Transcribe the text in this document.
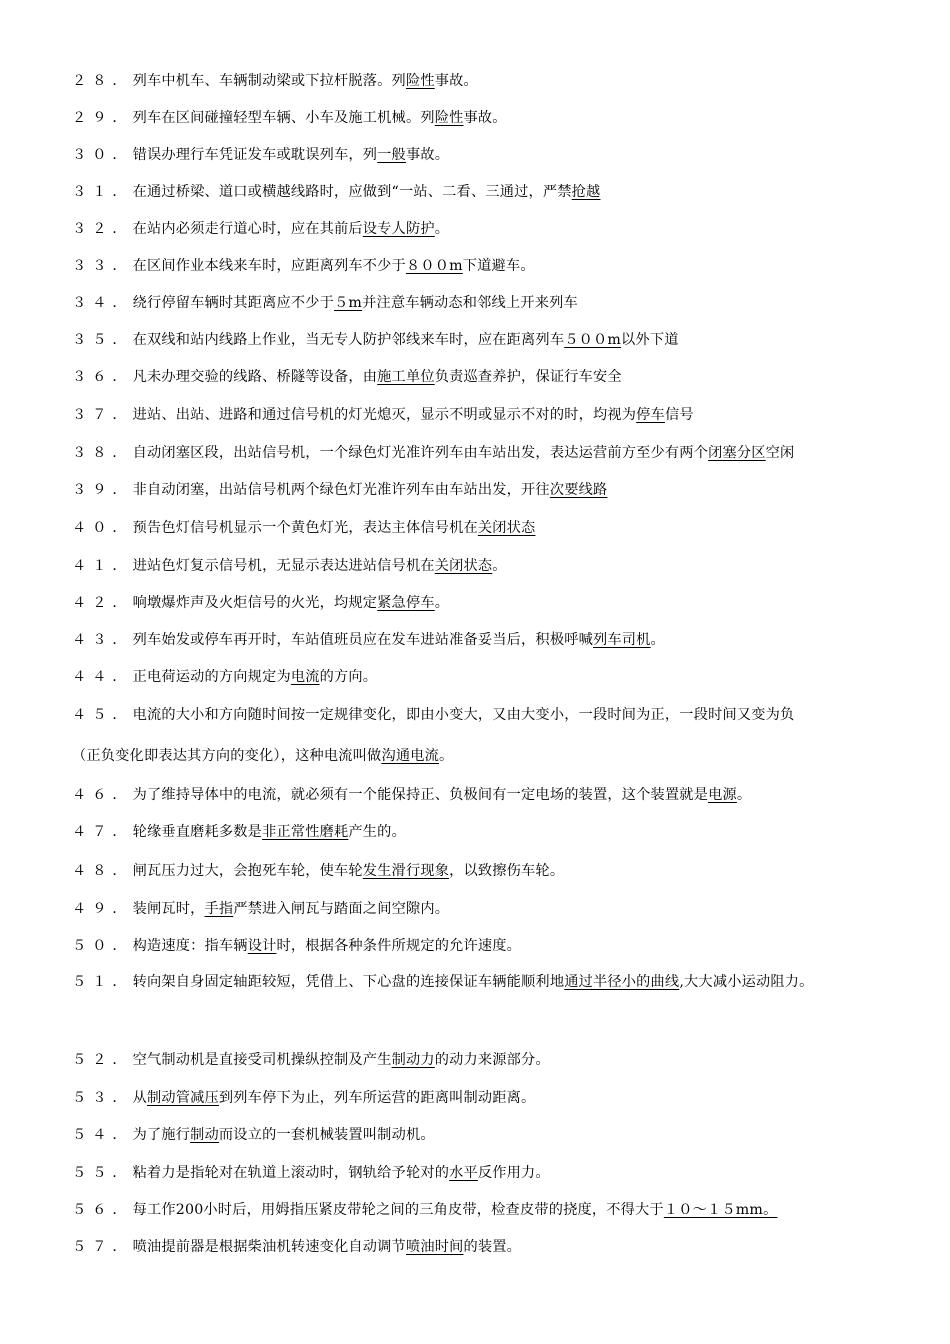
２８．列车中机车、车辆制动梁或下拉杆脱落。列险性事故。
２９．列车在区间碰撞轻型车辆、小车及施工机械。列险性事故。
３０．错误办理行车凭证发车或耽误列车，列一般事故。
３１．在通过桥梁、道口或横越线路时，应做到“一站、二看、三通过，严禁抢越
３２．在站内必须走行道心时，应在其前后设专人防护。
３３．在区间作业本线来车时，应距离列车不少于８００m下道避车。
３４．绕行停留车辆时其距离应不少于５m并注意车辆动态和邻线上开来列车
３５．在双线和站内线路上作业，当无专人防护邻线来车时，应在距离列车５００m以外下道
３６．凡未办理交验的线路、桥隧等设备，由施工单位负责巡查养护，保证行车安全
３７．进站、出站、进路和通过信号机的灯光熄灭，显示不明或显示不对的时，均视为停车信号
３８．自动闭塞区段，出站信号机，一个绿色灯光准许列车由车站出发，表达运营前方至少有两个闭塞分区空闲
３９．非自动闭塞，出站信号机两个绿色灯光准许列车由车站出发，开往次要线路
４０．预告色灯信号机显示一个黄色灯光，表达主体信号机在关闭状态
４１．进站色灯复示信号机，无显示表达进站信号机在关闭状态。
４２．响墩爆炸声及火炬信号的火光，均规定紧急停车。
４３．列车始发或停车再开时，车站值班员应在发车进站准备妥当后，积极呼喊列车司机。
４４．正电荷运动的方向规定为电流的方向。
４５．电流的大小和方向随时间按一定规律变化，即由小变大，又由大变小，一段时间为正，一段时间又变为负
（正负变化即表达其方向的变化），这种电流叫做沟通电流。
４６．为了维持导体中的电流，就必须有一个能保持正、负极间有一定电场的装置，这个装置就是电源。
４７．轮缘垂直磨耗多数是非正常性磨耗产生的。
４８．闸瓦压力过大，会抱死车轮，使车轮发生滑行现象，以致擦伤车轮。
４９．装闸瓦时，手指严禁进入闸瓦与踏面之间空隙内。
５０．构造速度：指车辆设计时，根据各种条件所规定的允许速度。
５１．转向架自身固定轴距较短，凭借上、下心盘的连接保证车辆能顺利地通过半径小的曲线,大大减小运动阻力。
５２．空气制动机是直接受司机操纵控制及产生制动力的动力来源部分。
５３．从制动管减压到列车停下为止，列车所运营的距离叫制动距离。
５４．为了施行制动而设立的一套机械装置叫制动机。
５５．粘着力是指轮对在轨道上滚动时，钢轨给予轮对的水平反作用力。
５６．每工作200小时后，用姆指压紧皮带轮之间的三角皮带，检查皮带的挠度，不得大于１０～１５mm。
５７．喷油提前器是根据柴油机转速变化自动调节喷油时间的装置。
